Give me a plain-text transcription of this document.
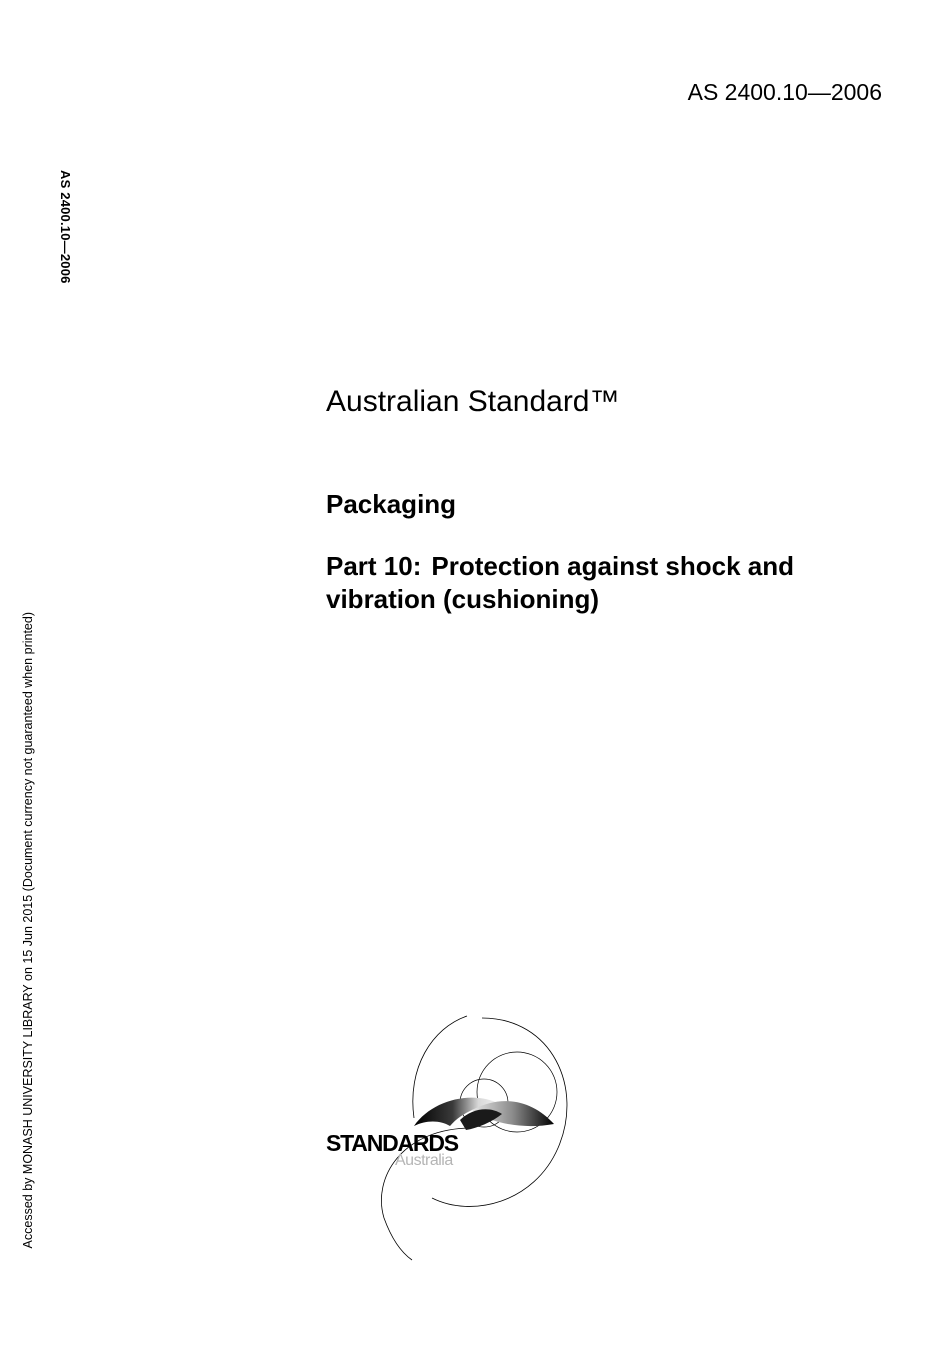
AS 2400.10—2006
AS 2400.10—2006
Accessed by MONASH UNIVERSITY LIBRARY on 15 Jun 2015 (Document currency not guaranteed when printed)
Australian Standard™
Packaging
Part 10: Protection against shock and vibration (cushioning)
STANDARDS
Australia
